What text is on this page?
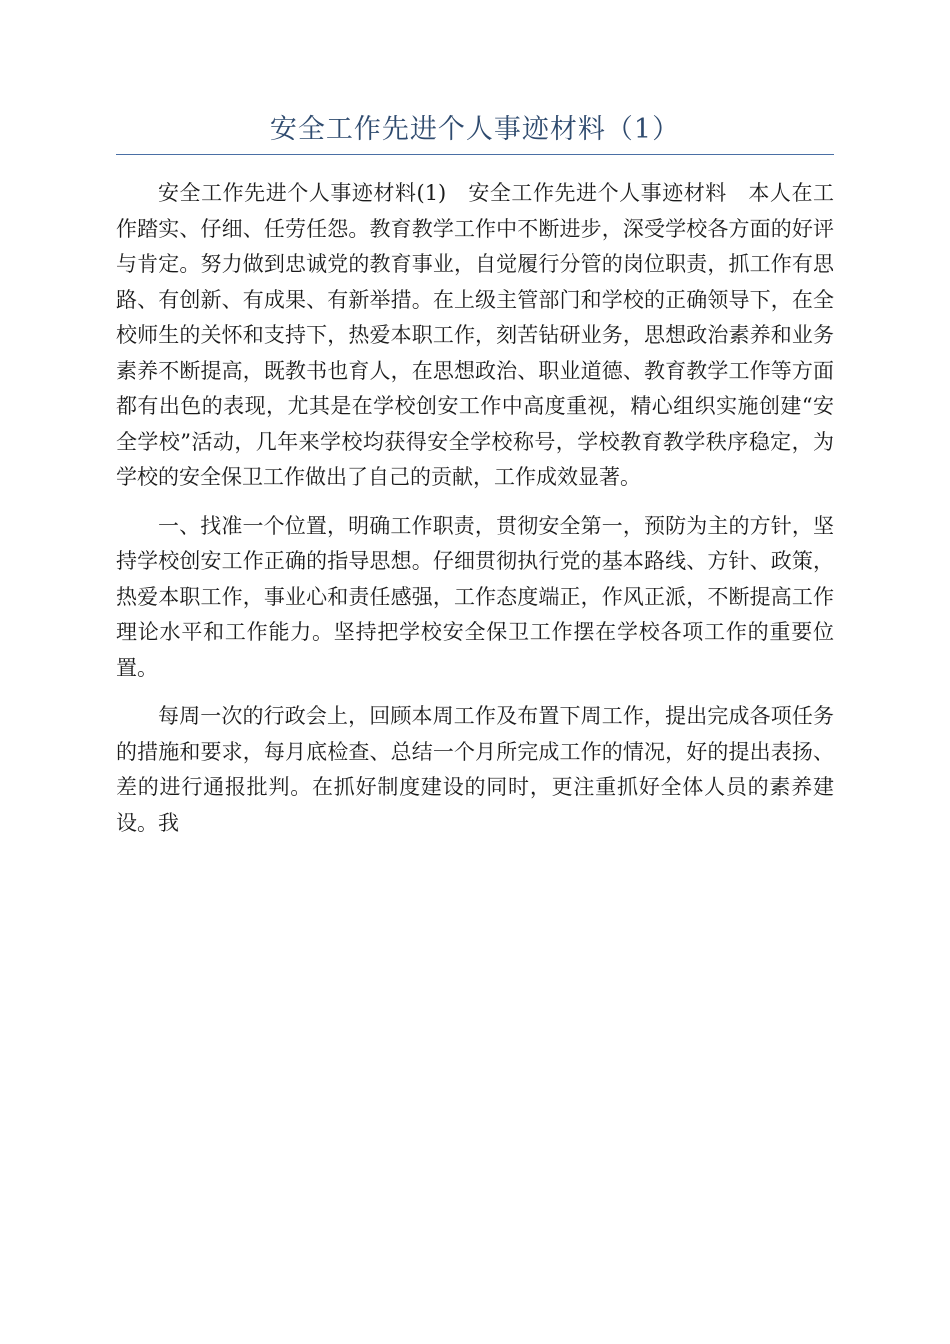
安全工作先进个人事迹材料（1）

安全工作先进个人事迹材料(1)　安全工作先进个人事迹材料　本人在工作踏实、仔细、任劳任怨。教育教学工作中不断进步，深受学校各方面的好评与肯定。努力做到忠诚党的教育事业，自觉履行分管的岗位职责，抓工作有思路、有创新、有成果、有新举措。在上级主管部门和学校的正确领导下，在全校师生的关怀和支持下，热爱本职工作，刻苦钻研业务，思想政治素养和业务素养不断提高，既教书也育人，在思想政治、职业道德、教育教学工作等方面都有出色的表现，尤其是在学校创安工作中高度重视，精心组织实施创建“安全学校”活动，几年来学校均获得安全学校称号，学校教育教学秩序稳定，为学校的安全保卫工作做出了自己的贡献，工作成效显著。

一、找准一个位置，明确工作职责，贯彻安全第一，预防为主的方针，坚持学校创安工作正确的指导思想。仔细贯彻执行党的基本路线、方针、政策，热爱本职工作，事业心和责任感强，工作态度端正，作风正派，不断提高工作理论水平和工作能力。坚持把学校安全保卫工作摆在学校各项工作的重要位置。

每周一次的行政会上，回顾本周工作及布置下周工作，提出完成各项任务的措施和要求，每月底检查、总结一个月所完成工作的情况，好的提出表扬、差的进行通报批判。在抓好制度建设的同时，更注重抓好全体人员的素养建设。我
